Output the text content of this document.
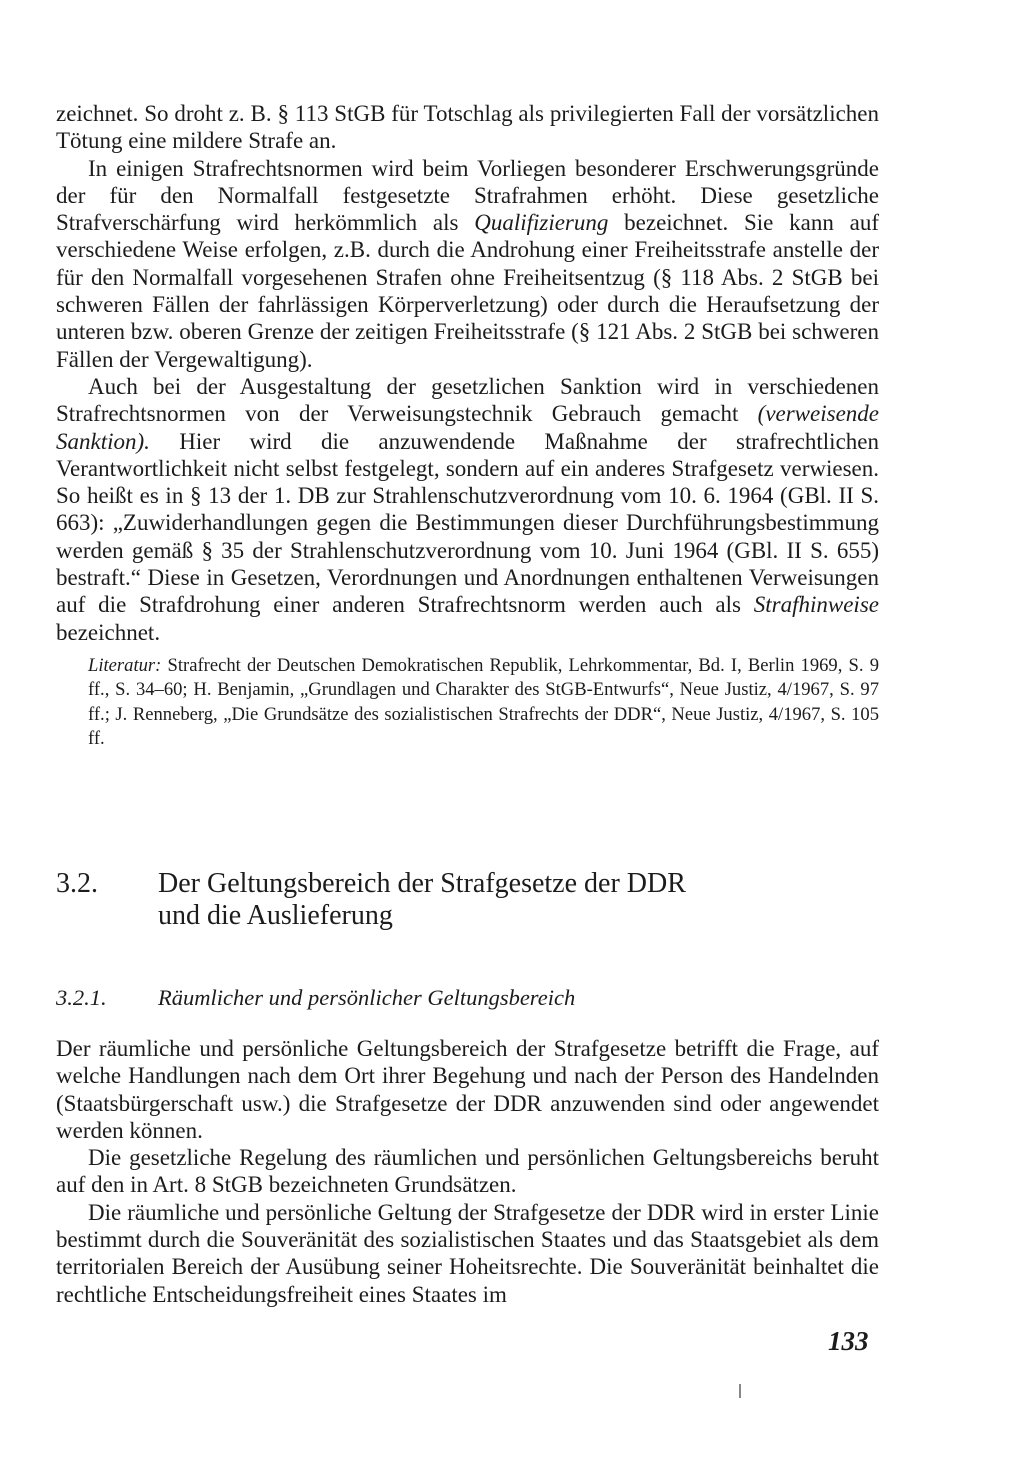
zeichnet. So droht z. B. § 113 StGB für Totschlag als privilegierten Fall der vorsätzlichen Tötung eine mildere Strafe an.

In einigen Strafrechtsnormen wird beim Vorliegen besonderer Erschwerungsgründe der für den Normalfall festgesetzte Strafrahmen erhöht. Diese gesetzliche Strafverschärfung wird herkömmlich als Qualifizierung bezeichnet. Sie kann auf verschiedene Weise erfolgen, z.B. durch die Androhung einer Freiheitsstrafe anstelle der für den Normalfall vorgesehenen Strafen ohne Freiheitsentzug (§ 118 Abs. 2 StGB bei schweren Fällen der fahrlässigen Körperverletzung) oder durch die Heraufsetzung der unteren bzw. oberen Grenze der zeitigen Freiheitsstrafe (§ 121 Abs. 2 StGB bei schweren Fällen der Vergewaltigung).

Auch bei der Ausgestaltung der gesetzlichen Sanktion wird in verschiedenen Strafrechtsnormen von der Verweisungstechnik Gebrauch gemacht (verweisende Sanktion). Hier wird die anzuwendende Maßnahme der strafrechtlichen Verantwortlichkeit nicht selbst festgelegt, sondern auf ein anderes Strafgesetz verwiesen. So heißt es in § 13 der 1. DB zur Strahlenschutzverordnung vom 10. 6. 1964 (GBl. II S. 663): „Zuwiderhandlungen gegen die Bestimmungen dieser Durchführungsbestimmung werden gemäß § 35 der Strahlenschutzverordnung vom 10. Juni 1964 (GBl. II S. 655) bestraft.“ Diese in Gesetzen, Verordnungen und Anordnungen enthaltenen Verweisungen auf die Strafdrohung einer anderen Strafrechtsnorm werden auch als Strafhinweise bezeichnet.

Literatur: Strafrecht der Deutschen Demokratischen Republik, Lehrkommentar, Bd. I, Berlin 1969, S. 9 ff., S. 34–60; H. Benjamin, „Grundlagen und Charakter des StGB-Entwurfs“, Neue Justiz, 4/1967, S. 97 ff.; J. Renneberg, „Die Grundsätze des sozialistischen Strafrechts der DDR“, Neue Justiz, 4/1967, S. 105 ff.

3.2. Der Geltungsbereich der Strafgesetze der DDR
und die Auslieferung
3.2.1. Räumlicher und persönlicher Geltungsbereich

Der räumliche und persönliche Geltungsbereich der Strafgesetze betrifft die Frage, auf welche Handlungen nach dem Ort ihrer Begehung und nach der Person des Handelnden (Staatsbürgerschaft usw.) die Strafgesetze der DDR anzuwenden sind oder angewendet werden können.

Die gesetzliche Regelung des räumlichen und persönlichen Geltungsbereichs beruht auf den in Art. 8 StGB bezeichneten Grundsätzen.

Die räumliche und persönliche Geltung der Strafgesetze der DDR wird in erster Linie bestimmt durch die Souveränität des sozialistischen Staates und das Staatsgebiet als dem territorialen Bereich der Ausübung seiner Hoheitsrechte. Die Souveränität beinhaltet die rechtliche Entscheidungsfreiheit eines Staates im

133
